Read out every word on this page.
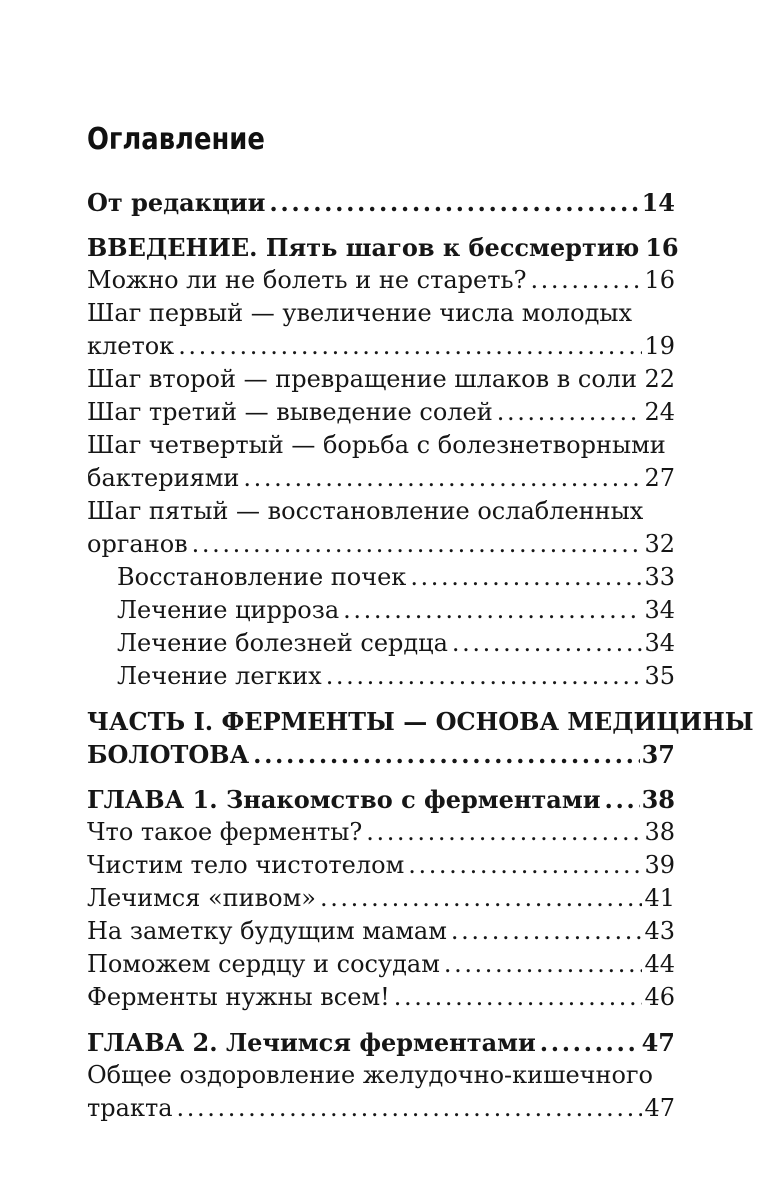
Оглавление
От редакции .....	14
ВВЕДЕНИЕ. Пять шагов к бессмертию 16
Можно ли не болеть и не стареть? .....	16
Шаг первый — увеличение числа молодых
клеток .....	19
Шаг второй — превращение шлаков в соли ..... 22
Шаг третий — выведение солей .....	24
Шаг четвертый — борьба с болезнетворными
бактериями .....	27
Шаг пятый — восстановление ослабленных
органов .....	32
Восстановление почек .....	33
Лечение цирроза .....	34
Лечение болезней сердца .....	34
Лечение легких .....	35
ЧАСТЬ I. ФЕРМЕНТЫ — ОСНОВА МЕДИЦИНЫ
БОЛОТОВА .....	37
ГЛАВА 1. Знакомство с ферментами ..... 38
Что такое ферменты? .....	38
Чистим тело чистотелом .....	39
Лечимся «пивом» .....	41
На заметку будущим мамам .....	43
Поможем сердцу и сосудам .....	44
Ферменты нужны всем! .....	46
ГЛАВА 2. Лечимся ферментами .....	47
Общее оздоровление желудочно-кишечного
тракта .....	47
